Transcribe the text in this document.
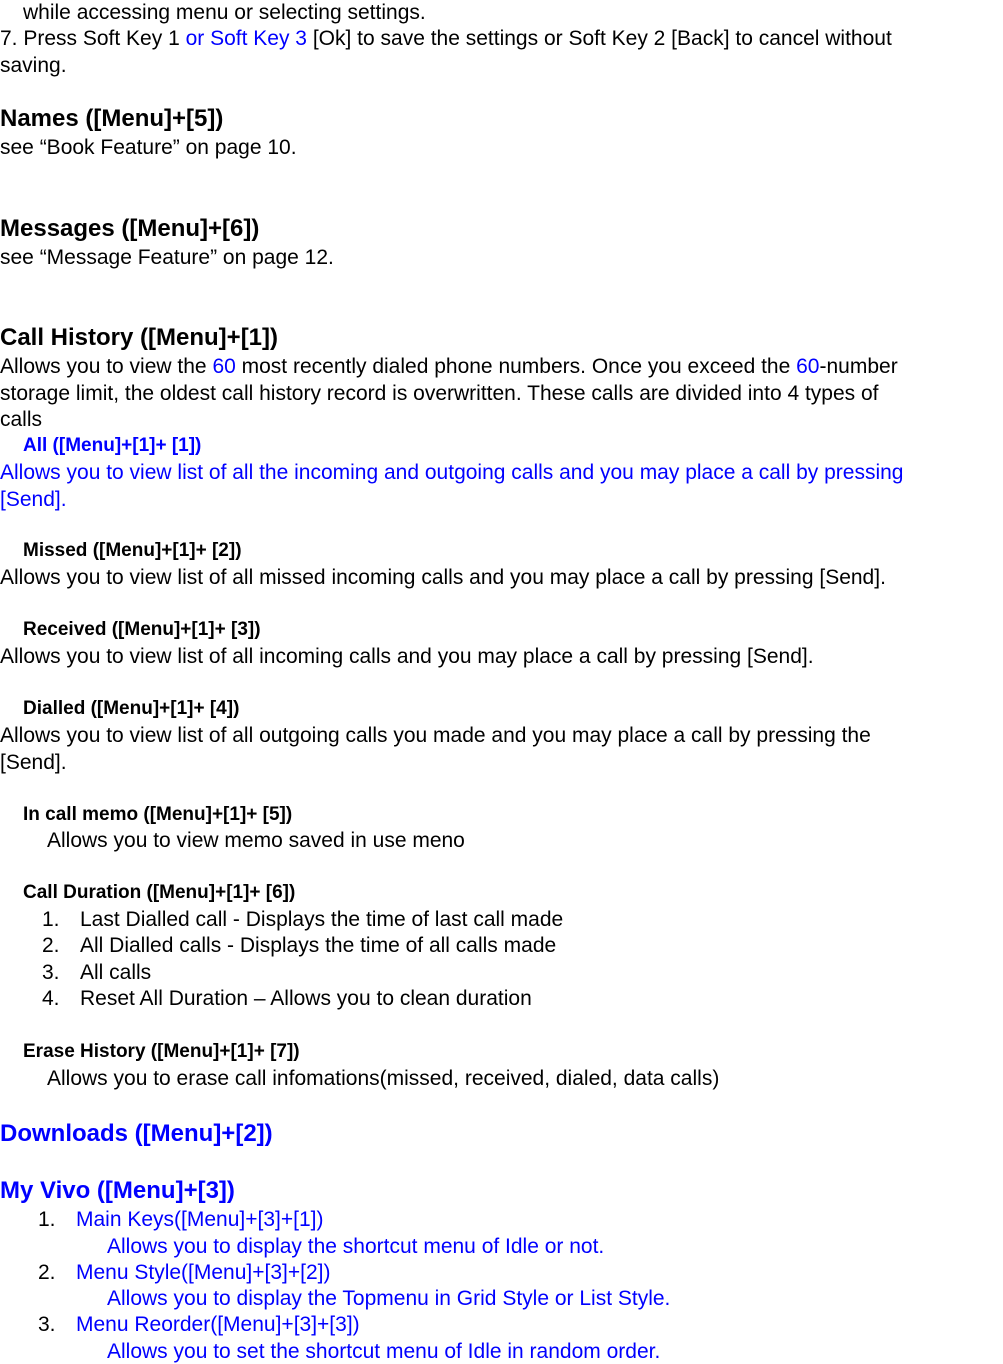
while accessing menu or selecting settings.
7. Press Soft Key 1 or Soft Key 3 [Ok] to save the settings or Soft Key 2 [Back] to cancel without
saving.
Names ([Menu]+[5])
see “Book Feature” on page 10.
Messages ([Menu]+[6])
see “Message Feature” on page 12.
Call History ([Menu]+[1])
Allows you to view the 60 most recently dialed phone numbers. Once you exceed the 60-number
storage limit, the oldest call history record is overwritten. These calls are divided into 4 types of
calls
All ([Menu]+[1]+ [1])
Allows you to view list of all the incoming and outgoing calls and you may place a call by pressing
[Send].
Missed ([Menu]+[1]+ [2])
Allows you to view list of all missed incoming calls and you may place a call by pressing [Send].
Received ([Menu]+[1]+ [3])
Allows you to view list of all incoming calls and you may place a call by pressing [Send].
Dialled ([Menu]+[1]+ [4])
Allows you to view list of all outgoing calls you made and you may place a call by pressing the
[Send].
In call memo ([Menu]+[1]+ [5])
Allows you to view memo saved in use meno
Call Duration ([Menu]+[1]+ [6])
1. Last Dialled call - Displays the time of last call made
2. All Dialled calls - Displays the time of all calls made
3. All calls
4. Reset All Duration – Allows you to clean duration
Erase History ([Menu]+[1]+ [7])
Allows you to erase call infomations(missed, received, dialed, data calls)
Downloads ([Menu]+[2])
My Vivo ([Menu]+[3])
1. Main Keys([Menu]+[3]+[1])
Allows you to display the shortcut menu of Idle or not.
2. Menu Style([Menu]+[3]+[2])
Allows you to display the Topmenu in Grid Style or List Style.
3. Menu Reorder([Menu]+[3]+[3])
Allows you to set the shortcut menu of Idle in random order.
